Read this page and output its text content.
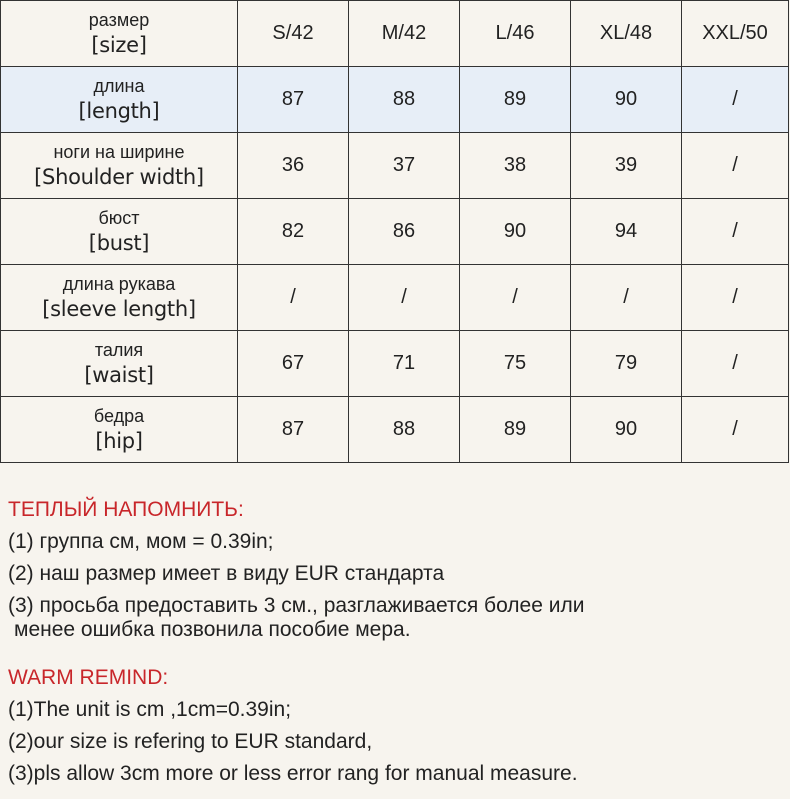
размер
[size]	S/42	M/42	L/46	XL/48	XXL/50

длина
[length]	87	88	89	90	/

ноги на ширине
[Shoulder width]	36	37	38	39	/

бюст
[bust]	82	86	90	94	/

длина рукава
[sleeve length]	/	/	/	/	/

талия
[waist]	67	71	75	79	/

бедра
[hip]	87	88	89	90	/

ТЕПЛЫЙ НАПОМНИТЬ:

(1) группа см, мом = 0.39in;

(2) наш размер имеет в виду EUR стандарта

(3) просьба предоставить 3 см., разглаживается более или

менее ошибка позвонила пособие мера.

WARM REMIND:

(1)The unit is cm ,1cm=0.39in;

(2)our size is refering to EUR standard,

(3)pls allow 3cm more or less error rang for manual measure.
